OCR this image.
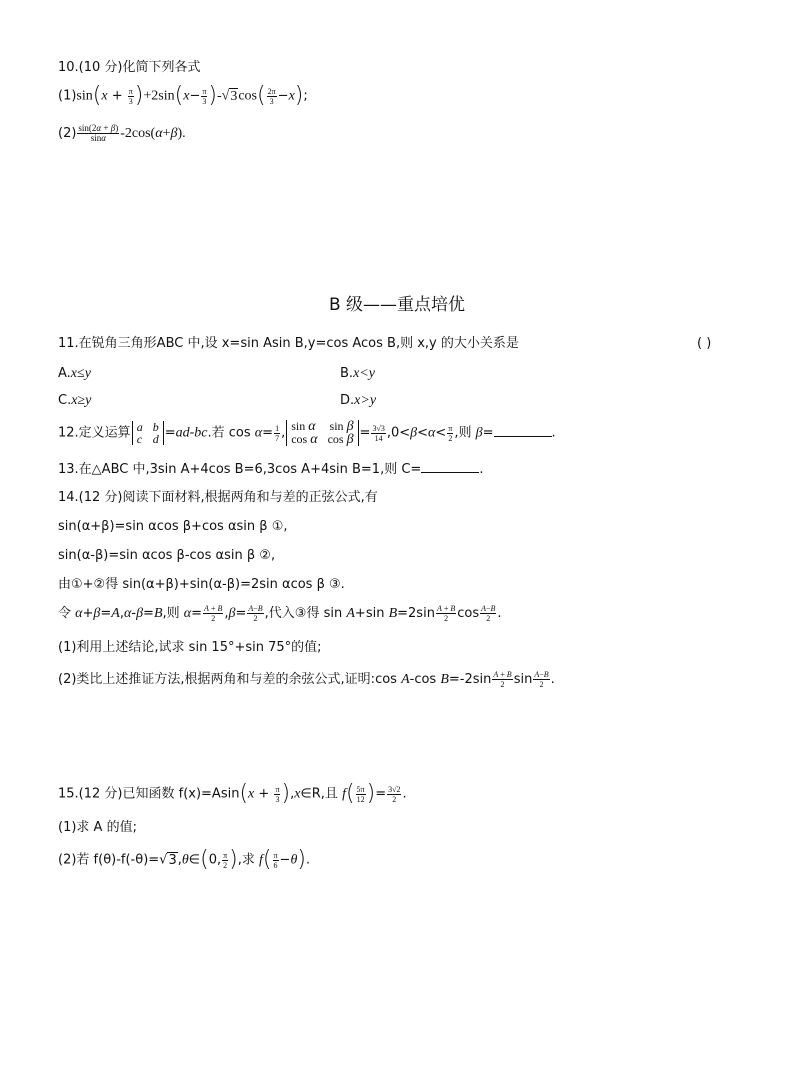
10.(10 分)化简下列各式
$(1)\sin(x + \frac{\pi}{3} )+2\sin(x- \frac{\pi}{3} )-√3\cos( \frac{2\pi}{3} -x)$;
$(2) \frac{\sin(2\alpha + \beta)}{\sin\alpha} -2\cos(\alpha+\beta)$.
B 级——重点培优
11.在锐角三角形ABC 中,设 x=sin Asin B,y=cos Acos B,则 x,y 的大小关系是	( )
A.x≤y	B.x<y
C.x≥y	D.x>y
12.定义运算 a b
c d =ad-bc.若 $\cos \alpha= \frac{1}{7}$ , sin α sin β
cos α $\cos \beta = \frac{3√3}{14} ,0<\beta<\alpha< \frac{\pi}{2}$ ,则 β=	.
13.在△ABC 中,3sin A+4cos B=6,3cos A+4sin B=1,则 C=	.
14.(12 分)阅读下面材料,根据两角和与差的正弦公式,有
sin(α+β)=sin αcos β+cos αsin β ①,
sin(α-β)=sin αcos β-cos αsin β ②,
由①+②得 sin(α+β)+sin(α-β)=2sin αcos β ③.
令 α+β=A,α-β=B,则 $\alpha= \frac{A + B}{2} ,\beta= \frac{A-B}{2}$ ,代入③得 sin A+sin $B=2\sin \frac{A + B}{2}$ $\cos \frac{A-B}{2}$ .
(1)利用上述结论,试求 sin 15°+sin 75°的值;
(2)类比上述推证方法,根据两角和与差的余弦公式,证明:cos A-cos $B=-2\sin \frac{A + B}{2}$ $\sin \frac{A-B}{2}$ .
15.(12 分)已知函数 $f(x)=Asin(x + \frac{\pi}{3}$ ),x∈R,且 $f( \frac{5\pi}{12}$ )= $\frac{3√2}{2}$ .
(1)求 A 的值;
(2)若 f(θ)-f(-θ)=√3,θ∈(0, $\frac{\pi}{2}$ ),求 $f( \frac{\pi}{6} -\theta)$.
